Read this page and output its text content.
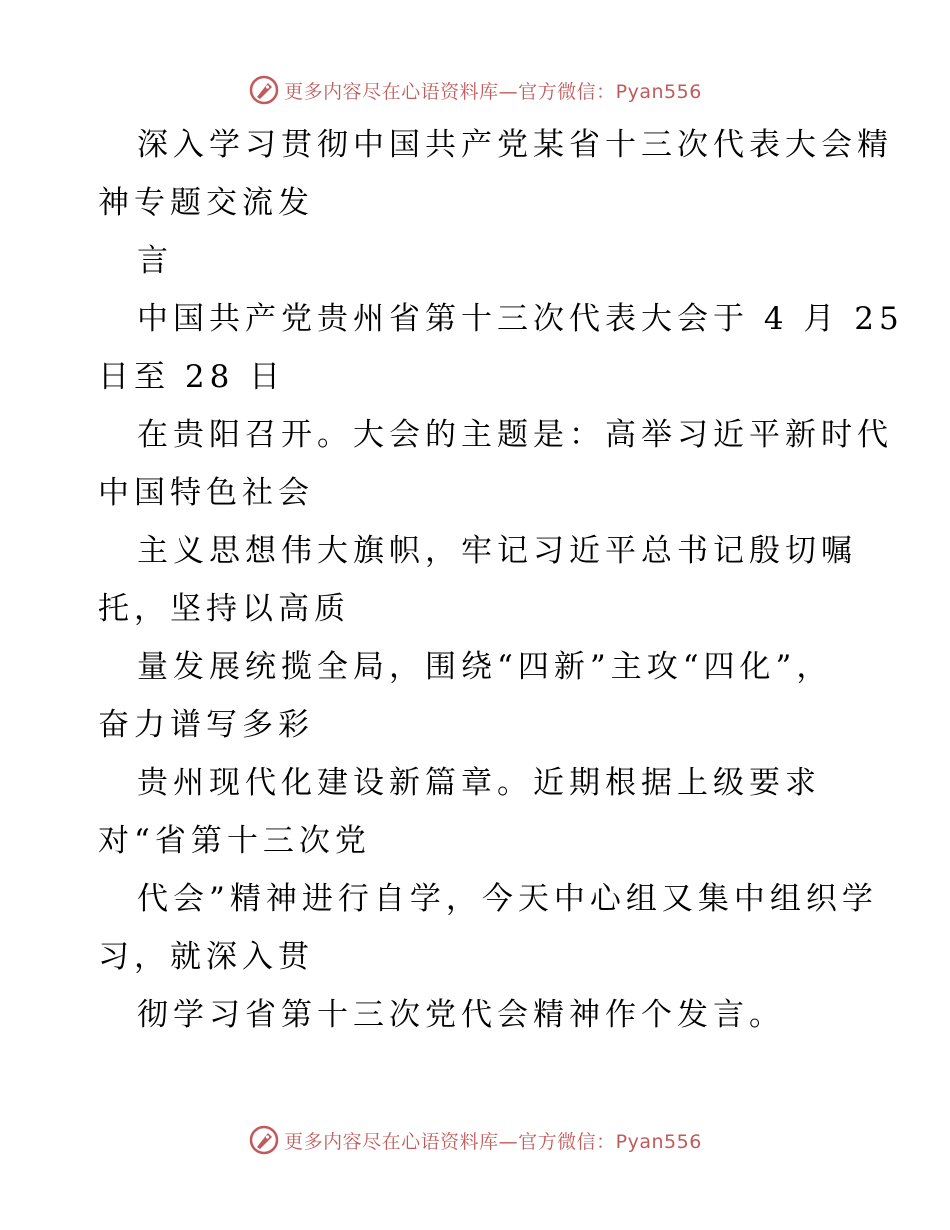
更多内容尽在心语资料库—官方微信：Pyan556
深入学习贯彻中国共产党某省十三次代表大会精
神专题交流发
言
中国共产党贵州省第十三次代表大会于 4 月 25
日至 28 日
在贵阳召开。大会的主题是：高举习近平新时代
中国特色社会
主义思想伟大旗帜，牢记习近平总书记殷切嘱
托，坚持以高质
量发展统揽全局，围绕“四新”主攻“四化”，
奋力谱写多彩
贵州现代化建设新篇章。近期根据上级要求
对“省第十三次党
代会”精神进行自学，今天中心组又集中组织学
习，就深入贯
彻学习省第十三次党代会精神作个发言。
更多内容尽在心语资料库—官方微信：Pyan556
